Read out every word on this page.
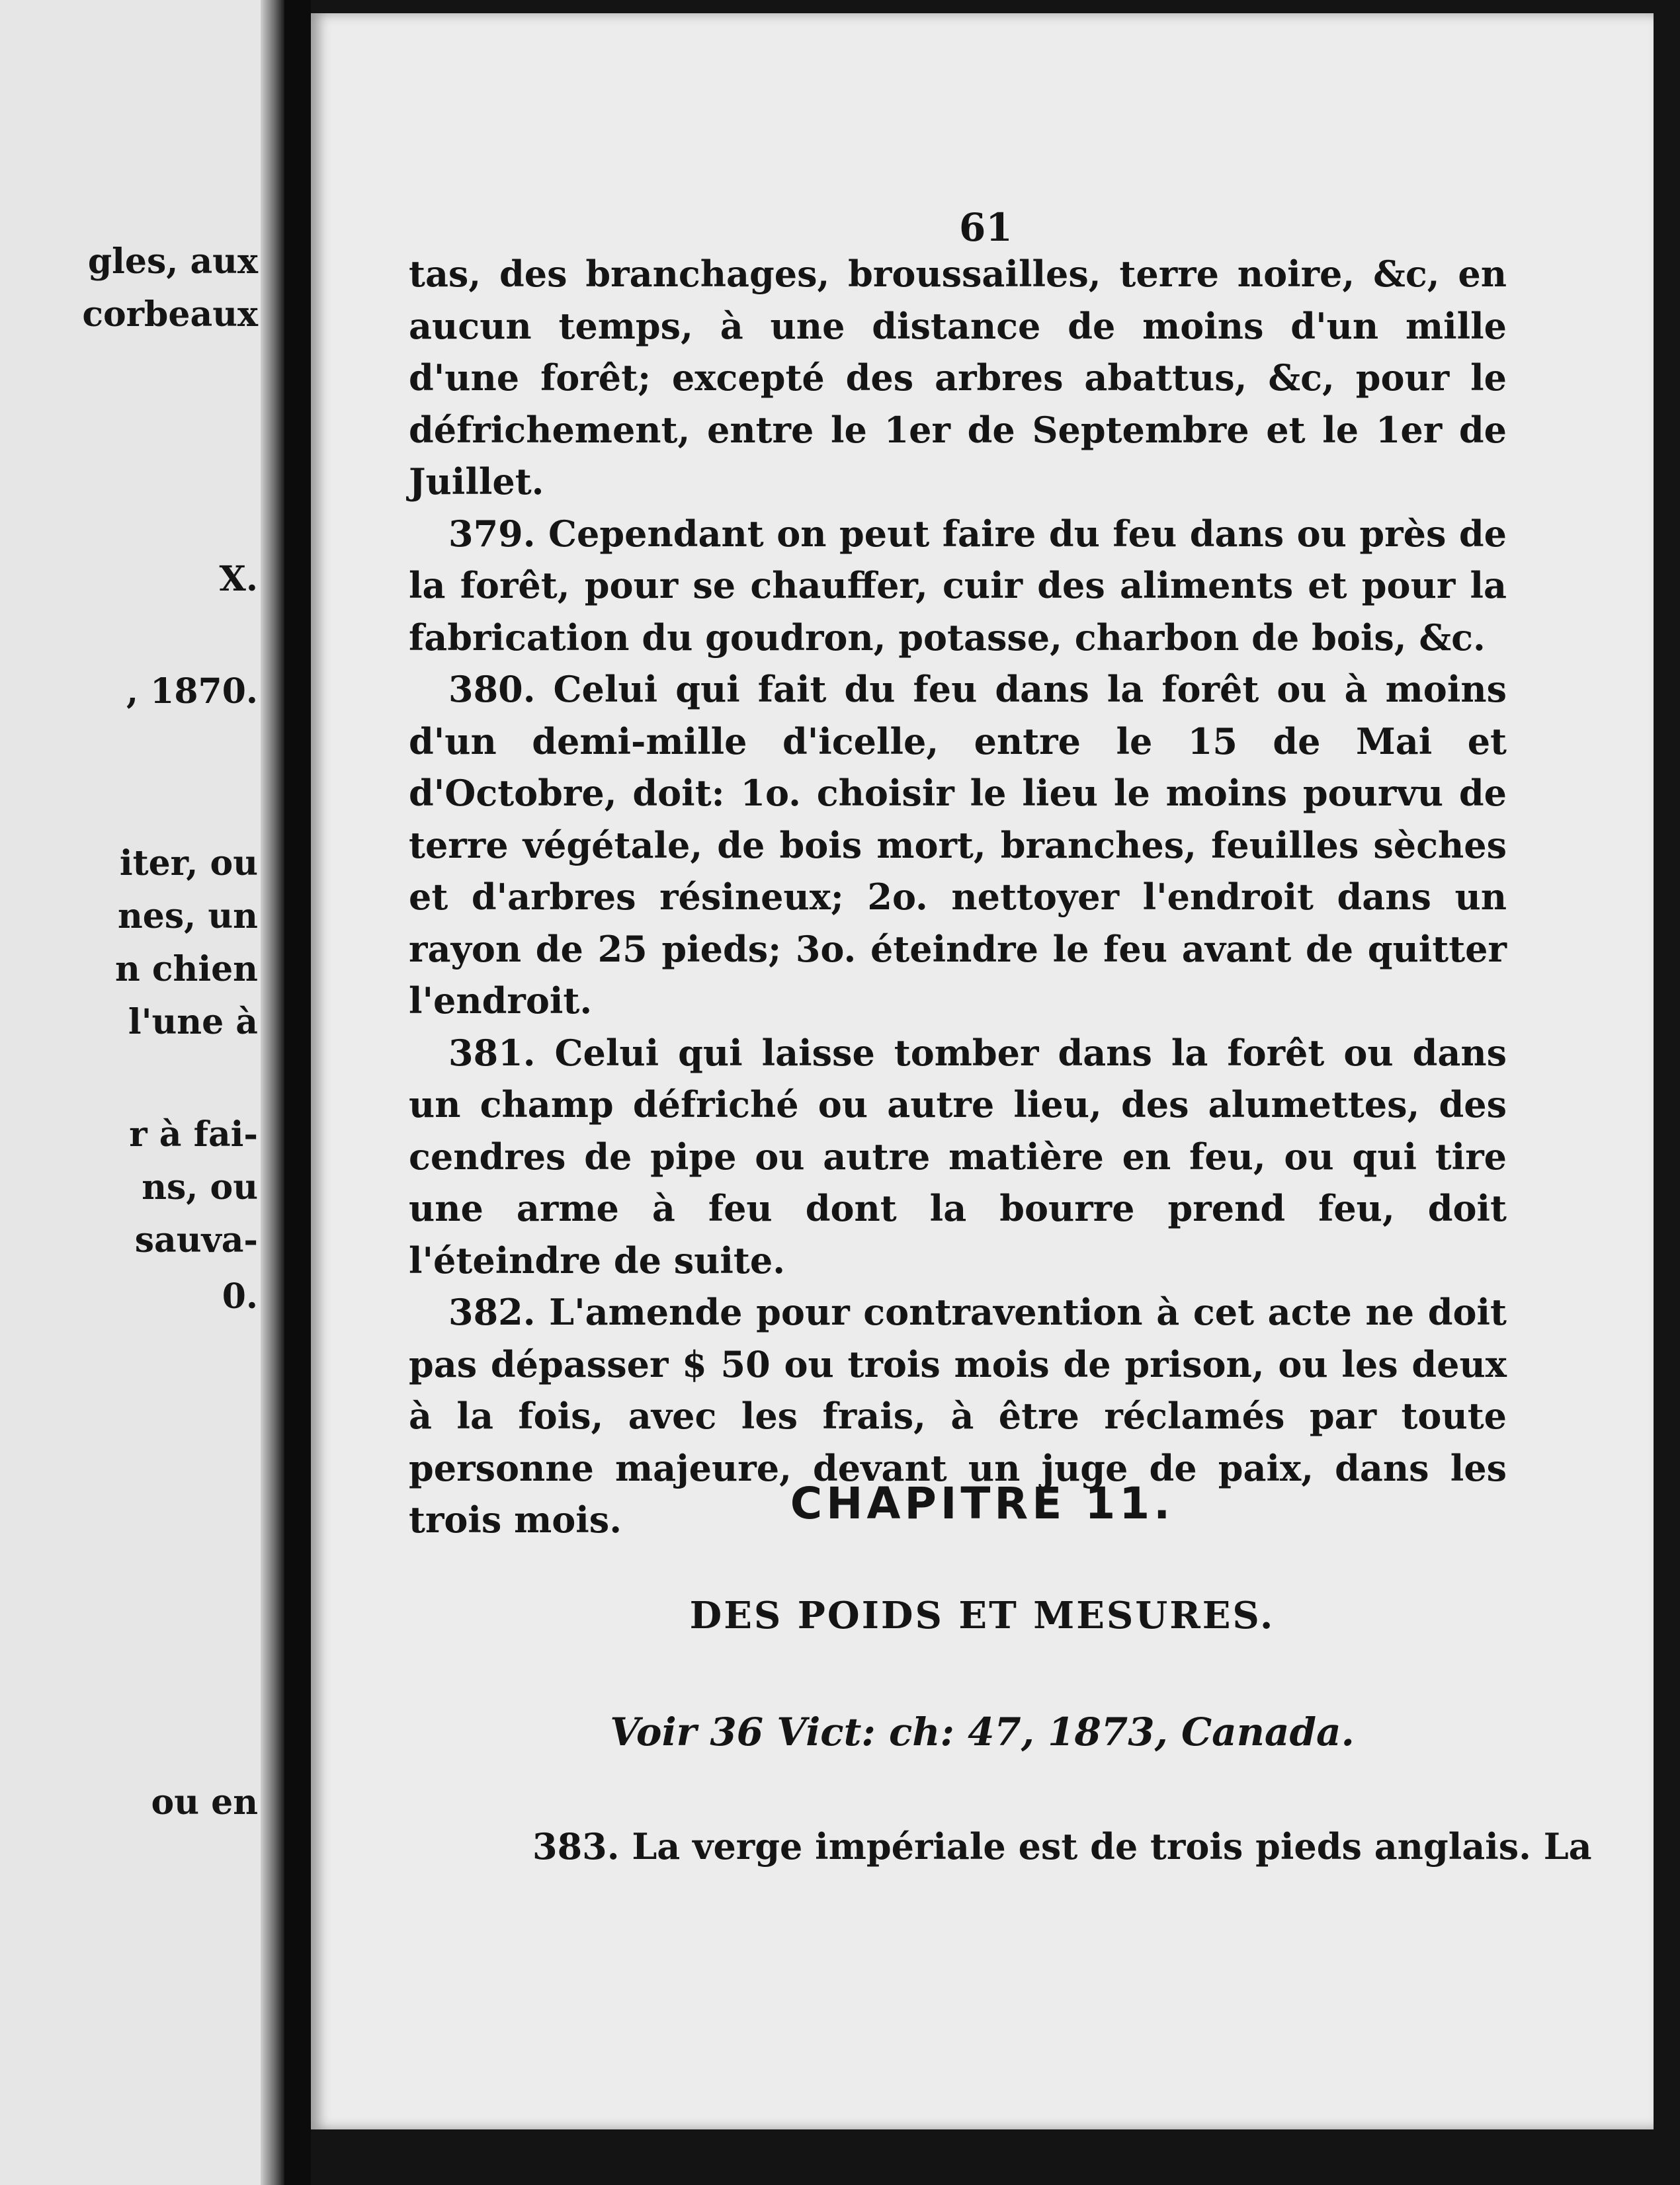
gles, aux
corbeaux
X.
, 1870.
iter, ou
nes, un
n chien
l'une à
r à fai-
ns, ou
sauva-
0.
ou en
61

tas, des branchages, broussailles, terre noire, &c, en aucun temps, à une distance de moins d'un mille d'une forêt; excepté des arbres abattus, &c, pour le défrichement, entre le 1er de Septembre et le 1er de Juillet.

379. Cependant on peut faire du feu dans ou près de la forêt, pour se chauffer, cuir des aliments et pour la fabrication du goudron, potasse, charbon de bois, &c.

380. Celui qui fait du feu dans la forêt ou à moins d'un demi-mille d'icelle, entre le 15 de Mai et d'Octobre, doit: 1o. choisir le lieu le moins pourvu de terre végétale, de bois mort, branches, feuilles sèches et d'arbres résineux; 2o. nettoyer l'endroit dans un rayon de 25 pieds; 3o. éteindre le feu avant de quitter l'endroit.

381. Celui qui laisse tomber dans la forêt ou dans un champ défriché ou autre lieu, des alumettes, des cendres de pipe ou autre matière en feu, ou qui tire une arme à feu dont la bourre prend feu, doit l'éteindre de suite.

382. L'amende pour contravention à cet acte ne doit pas dépasser $ 50 ou trois mois de prison, ou les deux à la fois, avec les frais, à être réclamés par toute personne majeure, devant un juge de paix, dans les trois mois.	CHAPITRE 11.
DES POIDS ET MESURES.
Voir 36 Vict: ch: 47, 1873, Canada.
383. La verge impériale est de trois pieds anglais. La
